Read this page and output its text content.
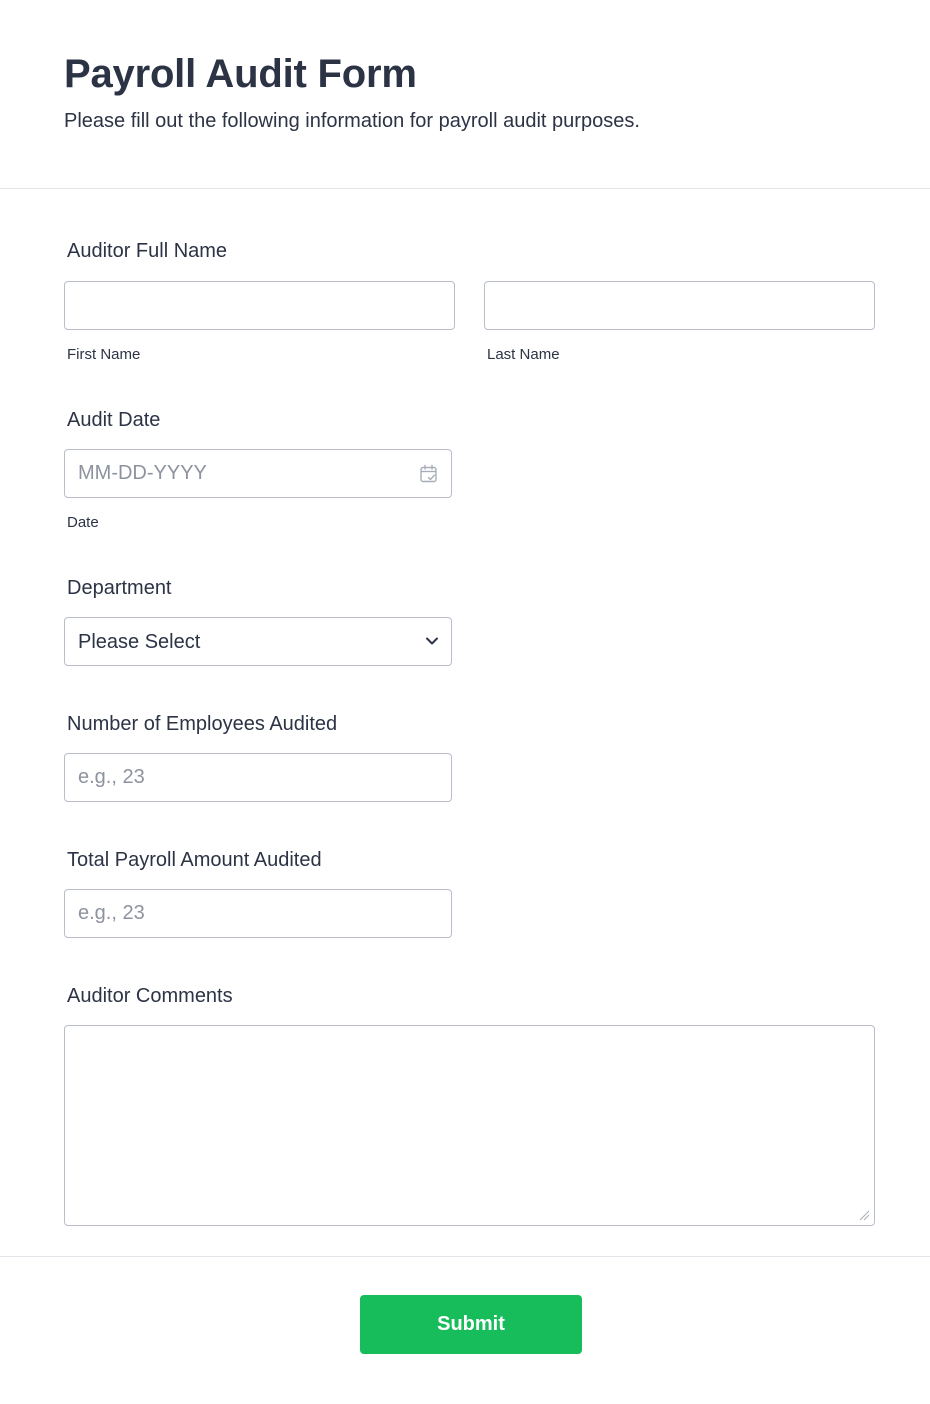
Payroll Audit Form
Please fill out the following information for payroll audit purposes.
Auditor Full Name
First Name	Last Name
Audit Date
MM-DD-YYYY
Date
Department
Please Select
Number of Employees Audited
e.g., 23
Total Payroll Amount Audited
e.g., 23
Auditor Comments
Submit
